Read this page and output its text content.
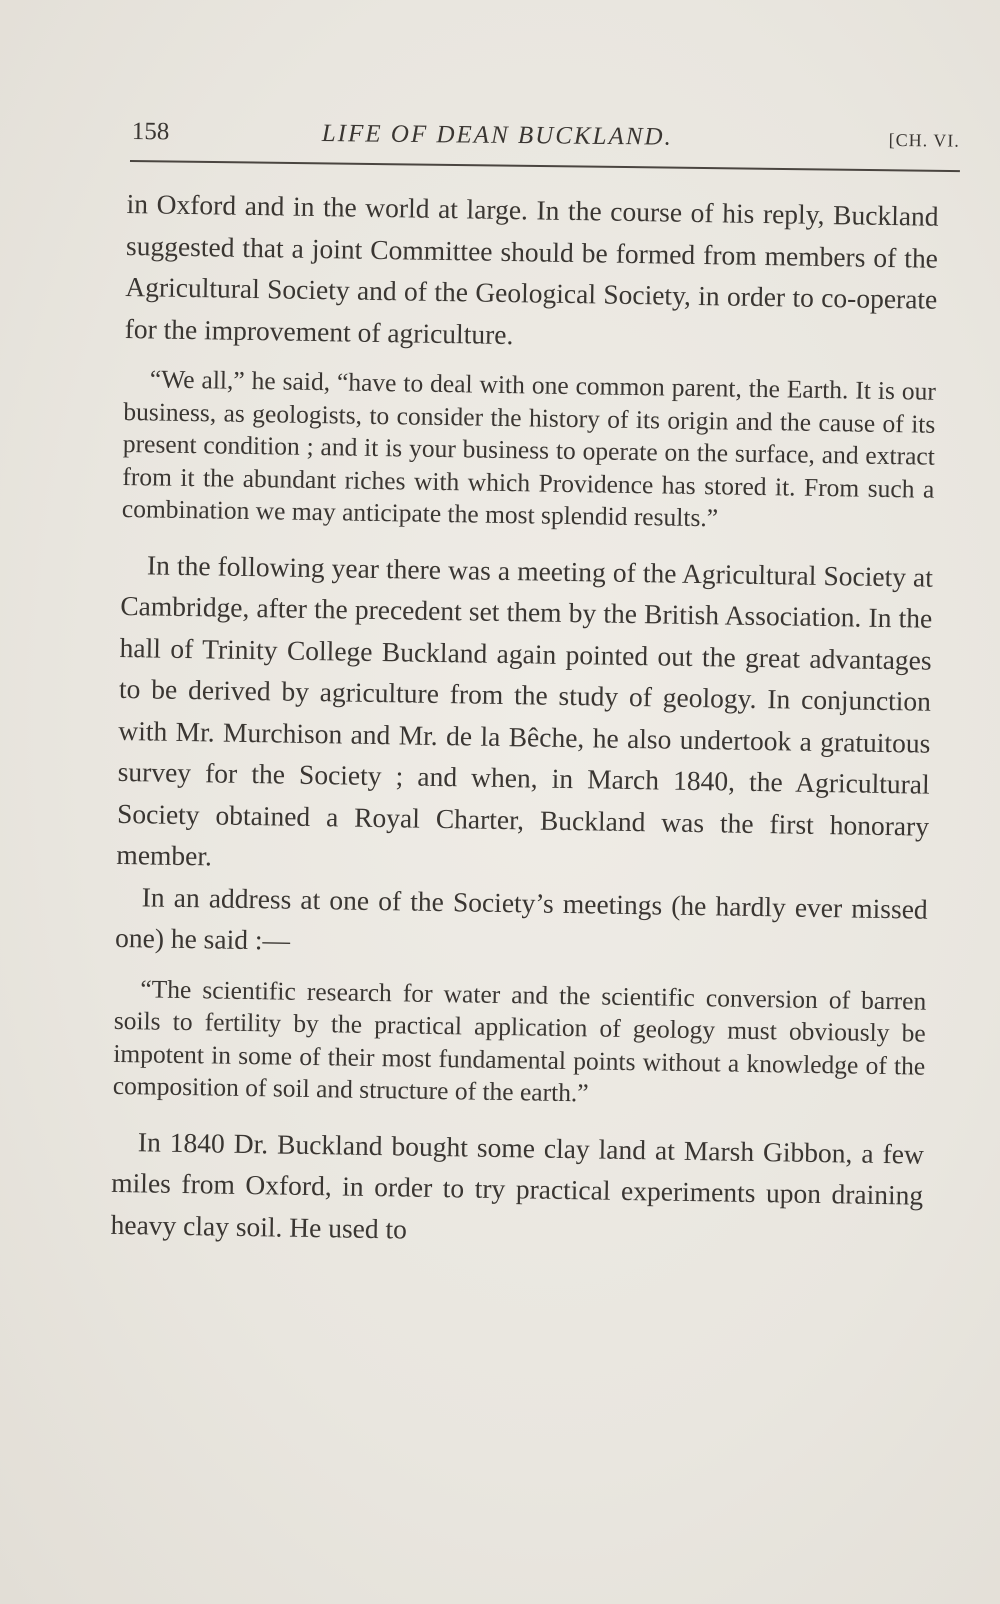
158	LIFE OF DEAN BUCKLAND.	[CH. VI.

in Oxford and in the world at large. In the course of his reply, Buckland suggested that a joint Committee should be formed from members of the Agricultural Society and of the Geological Society, in order to co-operate for the improvement of agriculture.

“We all,” he said, “have to deal with one common parent, the Earth. It is our business, as geologists, to consider the history of its origin and the cause of its present condition ; and it is your business to operate on the surface, and extract from it the abundant riches with which Providence has stored it. From such a combination we may anticipate the most splendid results.”

In the following year there was a meeting of the Agricultural Society at Cambridge, after the precedent set them by the British Association. In the hall of Trinity College Buckland again pointed out the great advantages to be derived by agriculture from the study of geology. In conjunction with Mr. Murchison and Mr. de la Bêche, he also undertook a gratuitous survey for the Society ; and when, in March 1840, the Agricultural Society obtained a Royal Charter, Buckland was the first honorary member.

In an address at one of the Society’s meetings (he hardly ever missed one) he said :—

“The scientific research for water and the scientific conversion of barren soils to fertility by the practical application of geology must obviously be impotent in some of their most fundamental points without a knowledge of the composition of soil and structure of the earth.”

In 1840 Dr. Buckland bought some clay land at Marsh Gibbon, a few miles from Oxford, in order to try practical experiments upon draining heavy clay soil. He used to
